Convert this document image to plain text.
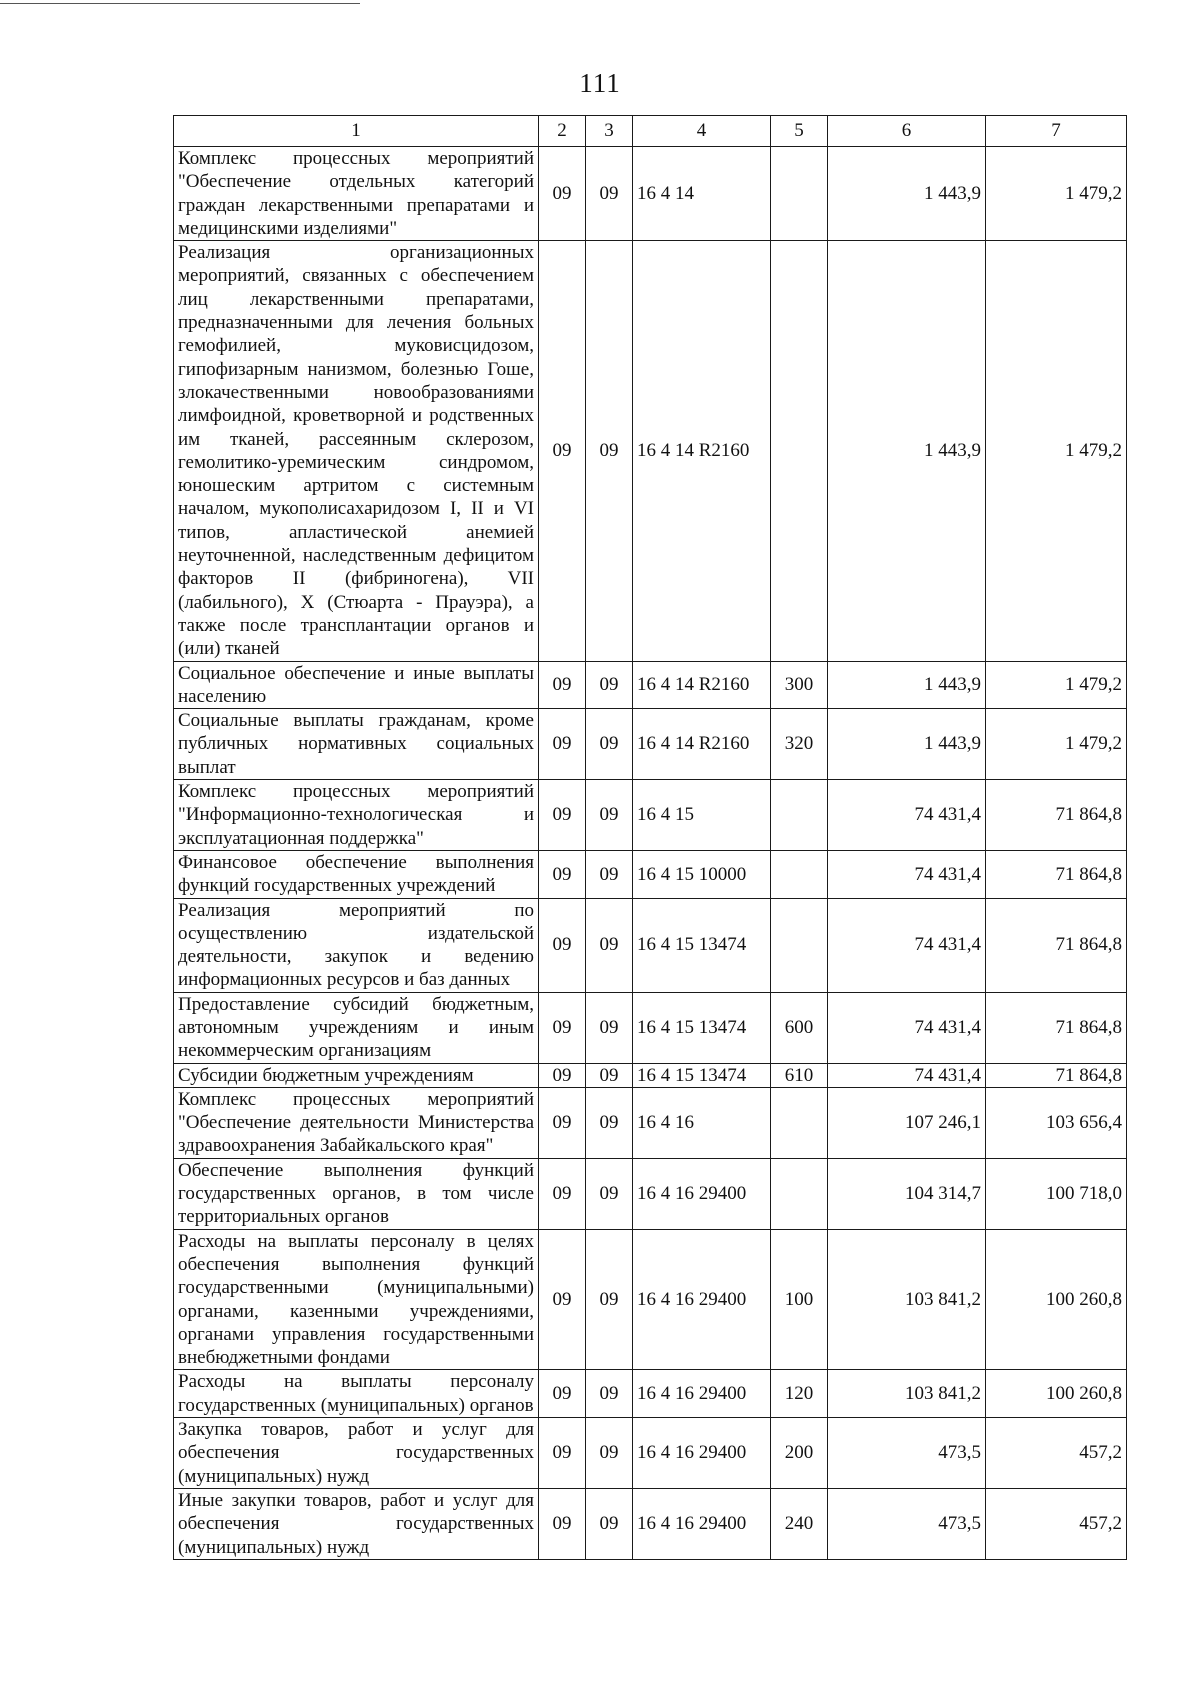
111
1	2	3	4	5	6	7
Комплекс процессных мероприятий "Обеспечение отдельных категорий граждан лекарственными препаратами и медицинскими изделиями"	09	09	16 4 14		1 443,9	1 479,2
Реализация организационных мероприятий, связанных с обеспечением лиц лекарственными препаратами, предназначенными для лечения больных гемофилией, муковисцидозом, гипофизарным нанизмом, болезнью Гоше, злокачественными новообразованиями лимфоидной, кроветворной и родственных им тканей, рассеянным склерозом, гемолитико-уремическим синдромом, юношеским артритом с системным началом, мукополисахаридозом I, II и VI типов, апластической анемией неуточненной, наследственным дефицитом факторов II (фибриногена), VII (лабильного), X (Стюарта - Прауэра), а также после трансплантации органов и (или) тканей	09	09	16 4 14 R2160		1 443,9	1 479,2
Социальное обеспечение и иные выплаты населению	09	09	16 4 14 R2160	300	1 443,9	1 479,2
Социальные выплаты гражданам, кроме публичных нормативных социальных выплат	09	09	16 4 14 R2160	320	1 443,9	1 479,2
Комплекс процессных мероприятий "Информационно-технологическая и эксплуатационная поддержка"	09	09	16 4 15		74 431,4	71 864,8
Финансовое обеспечение выполнения функций государственных учреждений	09	09	16 4 15 10000		74 431,4	71 864,8
Реализация мероприятий по осуществлению издательской деятельности, закупок и ведению информационных ресурсов и баз данных	09	09	16 4 15 13474		74 431,4	71 864,8
Предоставление субсидий бюджетным, автономным учреждениям и иным некоммерческим организациям	09	09	16 4 15 13474	600	74 431,4	71 864,8
Субсидии бюджетным учреждениям	09	09	16 4 15 13474	610	74 431,4	71 864,8
Комплекс процессных мероприятий "Обеспечение деятельности Министерства здравоохранения Забайкальского края"	09	09	16 4 16		107 246,1	103 656,4
Обеспечение выполнения функций государственных органов, в том числе территориальных органов	09	09	16 4 16 29400		104 314,7	100 718,0
Расходы на выплаты персоналу в целях обеспечения выполнения функций государственными (муниципальными) органами, казенными учреждениями, органами управления государственными внебюджетными фондами	09	09	16 4 16 29400	100	103 841,2	100 260,8
Расходы на выплаты персоналу государственных (муниципальных) органов	09	09	16 4 16 29400	120	103 841,2	100 260,8
Закупка товаров, работ и услуг для обеспечения государственных (муниципальных) нужд	09	09	16 4 16 29400	200	473,5	457,2
Иные закупки товаров, работ и услуг для обеспечения государственных (муниципальных) нужд	09	09	16 4 16 29400	240	473,5	457,2
